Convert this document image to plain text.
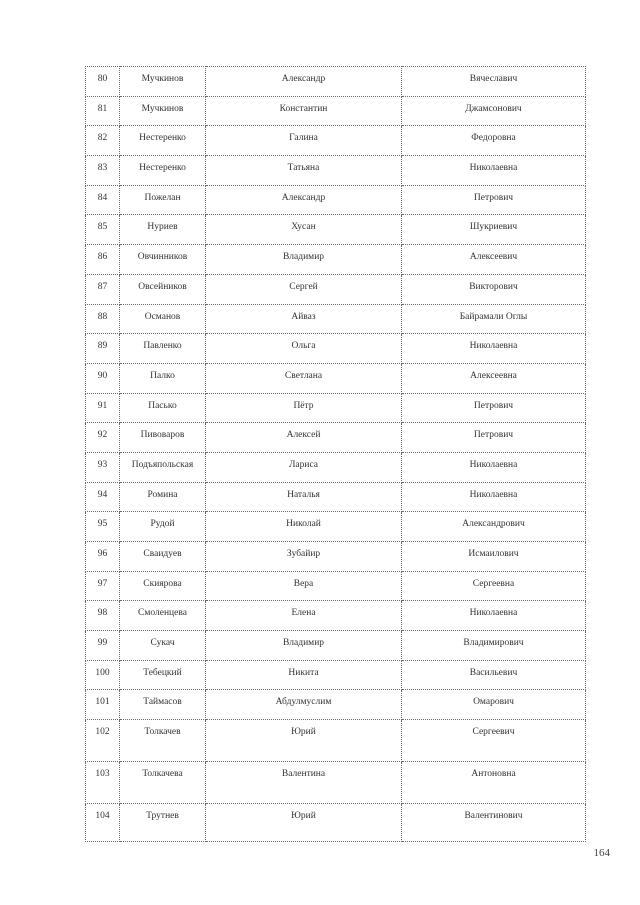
80	Мучкинов	Александр	Вячеславич
81	Мучкинов	Константин	Джамсонович
82	Нестеренко	Галина	Федоровна
83	Нестеренко	Татьяна	Николаевна
84	Пожелан	Александр	Петрович
85	Нуриев	Хусан	Шукриевич
86	Овчинников	Владимир	Алексеевич
87	Овсейников	Сергей	Викторович
88	Османов	Айваз	Байрамали Оглы
89	Павленко	Ольга	Николаевна
90	Палко	Светлана	Алексеевна
91	Пасько	Пётр	Петрович
92	Пивоваров	Алексей	Петрович
93	Подъяпольская	Лариса	Николаевна
94	Ромина	Наталья	Николаевна
95	Рудой	Николай	Александрович
96	Сваидуев	Зубайир	Исмаилович
97	Скиярова	Вера	Сергеевна
98	Смоленцева	Елена	Николаевна
99	Сукач	Владимир	Владимирович
100	Тебецкий	Никита	Васильевич
101	Таймасов	Абдулмуслим	Омарович
102	Толкачев	Юрий	Сергеевич
103	Толкачева	Валентина	Антоновна
104	Трутнев	Юрий	Валентинович
164
